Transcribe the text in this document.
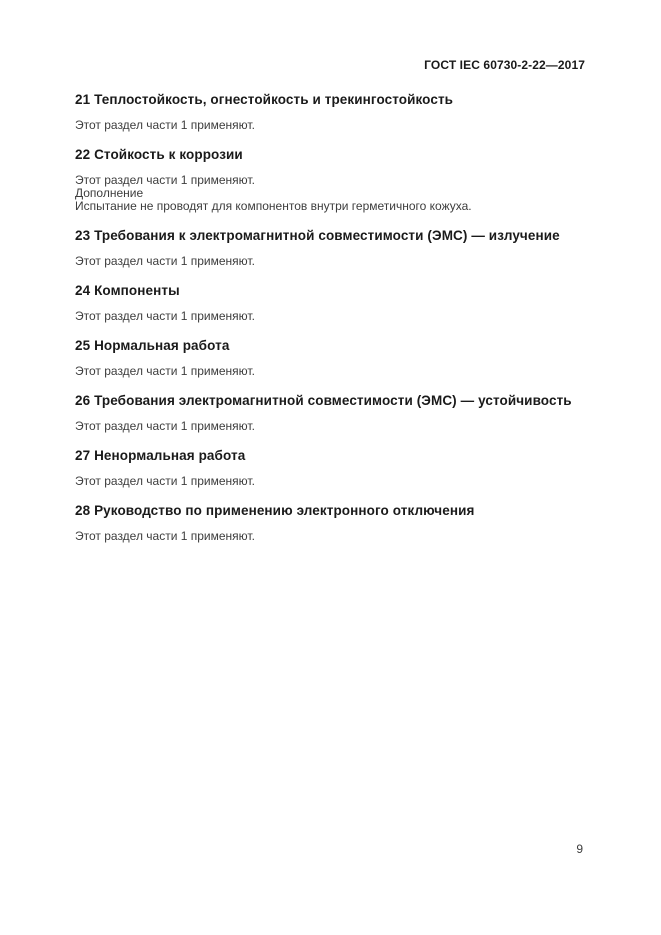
ГОСТ IEC 60730-2-22—2017
21 Теплостойкость, огнестойкость и трекингостойкость

Этот раздел части 1 применяют.

22 Стойкость к коррозии

Этот раздел части 1 применяют.

Дополнение

Испытание не проводят для компонентов внутри герметичного кожуха.

23 Требования к электромагнитной совместимости (ЭМС) — излучение

Этот раздел части 1 применяют.

24 Компоненты

Этот раздел части 1 применяют.

25 Нормальная работа

Этот раздел части 1 применяют.

26 Требования электромагнитной совместимости (ЭМС) — устойчивость

Этот раздел части 1 применяют.

27 Ненормальная работа

Этот раздел части 1 применяют.

28 Руководство по применению электронного отключения

Этот раздел части 1 применяют.

9
